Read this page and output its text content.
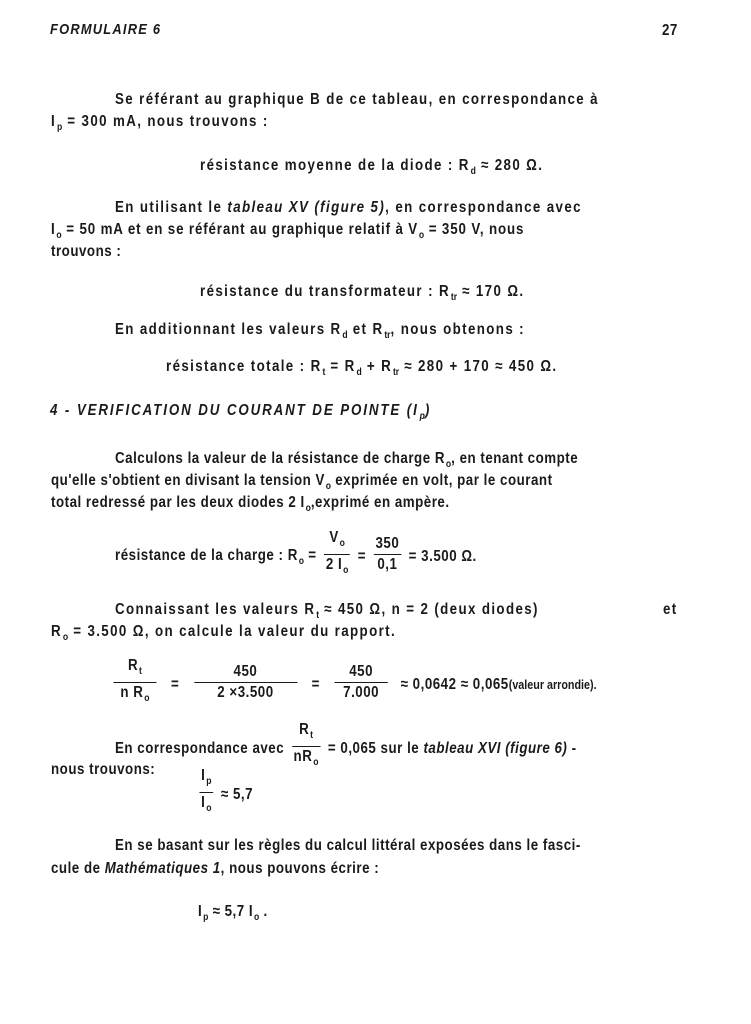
FORMULAIRE 6	27
Se référant au graphique B de ce tableau, en correspondance à
$I_p = 300$ mA, nous trouvons :
résistance moyenne de la diode : $R_d \approx 280$ Ω.
En utilisant le tableau XV (figure 5), en correspondance avec
$I_o = 50$ mA et en se référant au graphique relatif à $V_o = 350$ V, nous
trouvons :
résistance du transformateur : $R_{tr} \approx 170$ Ω.
En additionnant les valeurs $R_d$ et $R_{tr}$, nous obtenons :
résistance totale : $R_t = R_d + R_{tr} \approx 280 + 170 \approx 450$ Ω.
4 - VERIFICATION DU COURANT DE POINTE $(I_p)$
Calculons la valeur de la résistance de charge $R_o$, en tenant compte
qu'elle s'obtient en divisant la tension $V_o$ exprimée en volt, par le courant
total redressé par les deux diodes 2 $I_o,exprimé$ en ampère.
résistance de la charge : $R_o = \frac{V_o}{2 I_o} = \frac{350}{0,1} = 3.500$ Ω.
Connaissant les valeurs $R_t \approx 450$ Ω, n = 2 (deux diodes)	et
$R_o = 3.500$ Ω, on calcule la valeur du rapport.
$\frac{R_t}{n R_o} = \frac{450}{2 \times 3.500} = \frac{450}{7.000} \approx 0,0642$ ≈ 0,065(valeur arrondie).
En correspondance avec $\frac{R_t}{nR_o} = 0,065$ sur le tableau XVI (figure 6) -
nous trouvons:	$\frac{I_p}{I_o} \approx 5,7$
En se basant sur les règles du calcul littéral exposées dans le fasci-
cule de Mathématiques 1, nous pouvons écrire :
$I_p \approx 5,7$ $I_o$ .
